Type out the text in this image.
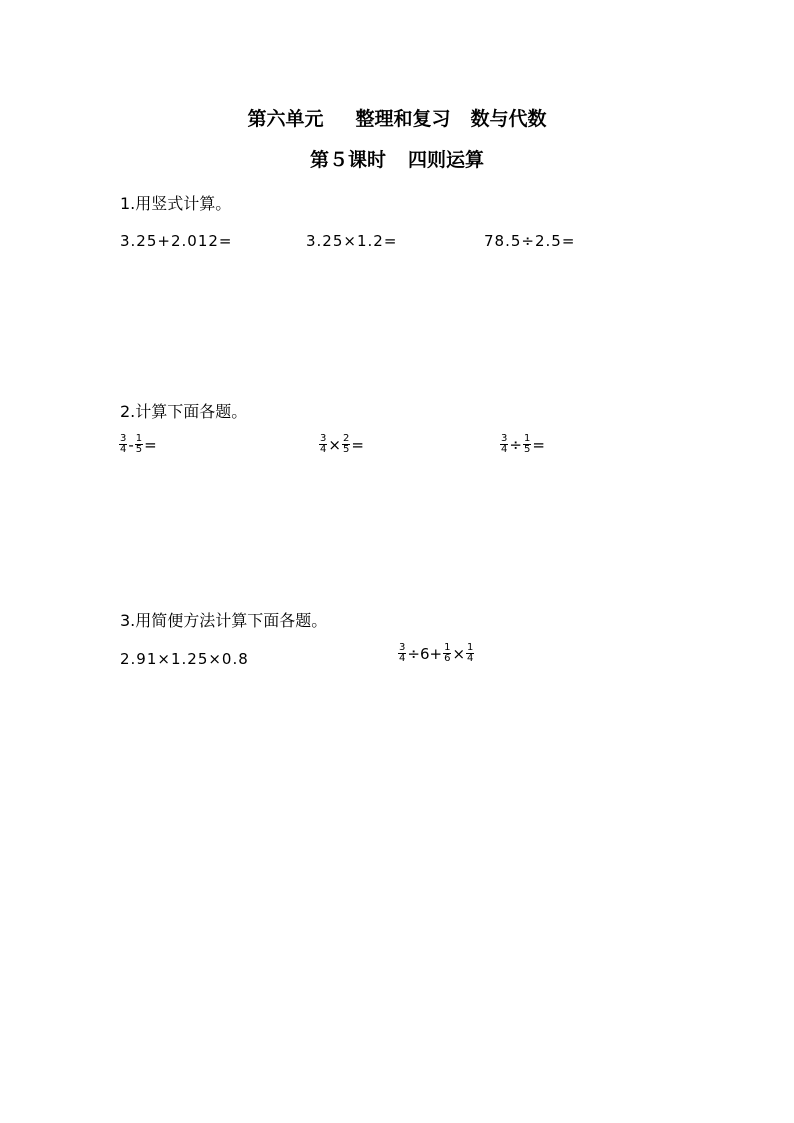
第六单元 整理和复习 数与代数
第５课时 四则运算
1.用竖式计算。
3.25+2.012=	3.25×1.2=	78.5÷2.5=
2.计算下面各题。
$\frac{3}{4} - \frac{1}{5}$ =	$\frac{3}{4} \times \frac{2}{5}$ =	$\frac{3}{4} \div \frac{1}{5}$ =
3.用简便方法计算下面各题。
2.91×1.25×0.8	$\frac{3}{4} \div 6+ \frac{1}{6} \times \frac{1}{4}$
